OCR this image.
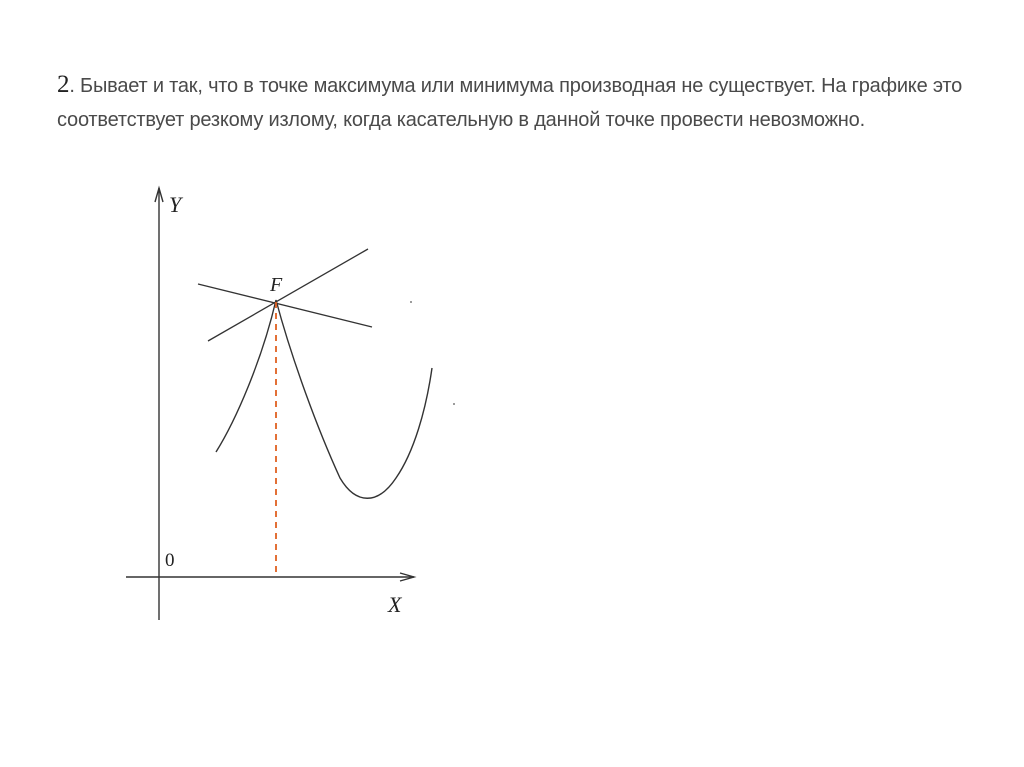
2. Бывает и так, что в точке максимума или минимума производная не существует. На графике это соответствует резкому излому, когда касательную в данной точке провести невозможно.
Y
X
0
F
